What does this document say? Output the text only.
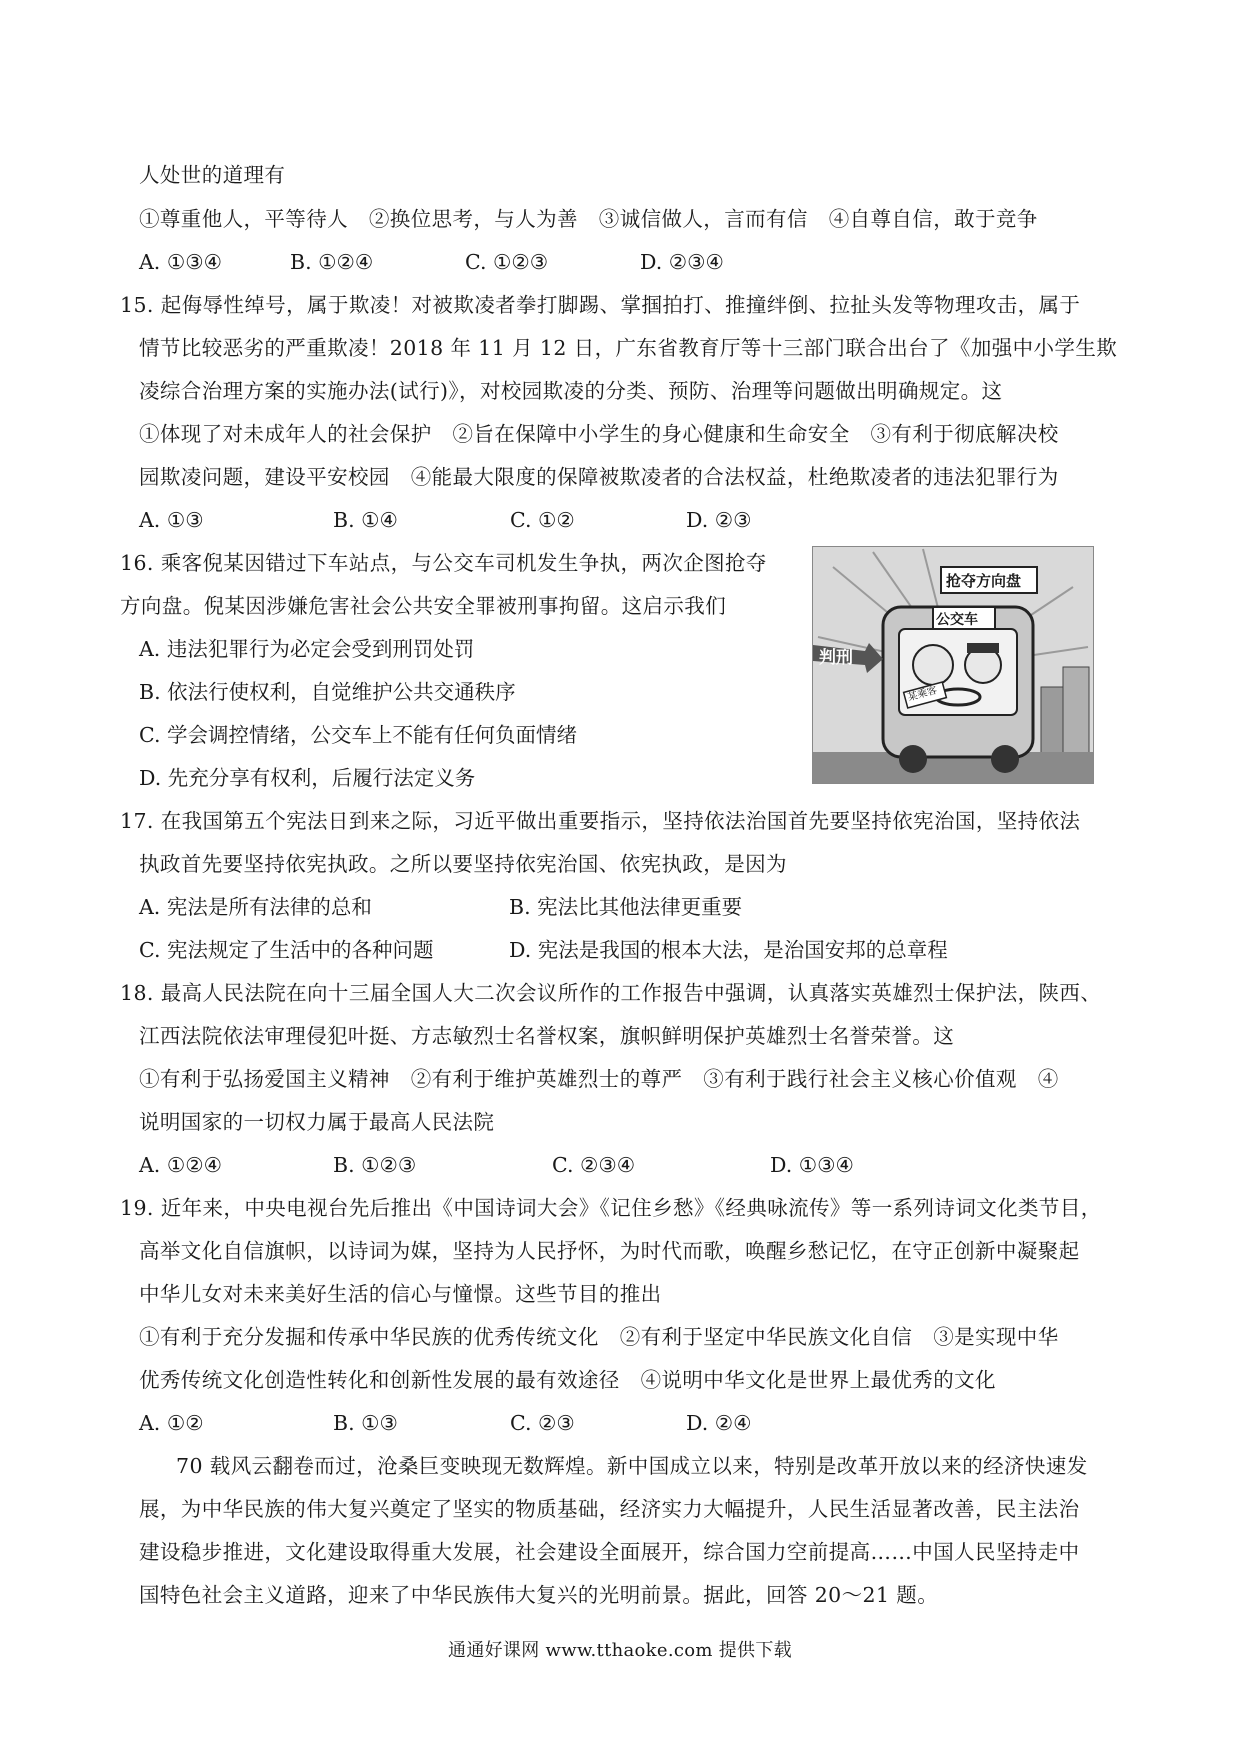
人处世的道理有
①尊重他人，平等待人　②换位思考，与人为善　③诚信做人，言而有信　④自尊自信，敢于竞争
A. ①③④	B. ①②④	C. ①②③	D. ②③④
15. 起侮辱性绰号，属于欺凌！对被欺凌者拳打脚踢、掌掴拍打、推撞绊倒、拉扯头发等物理攻击，属于
情节比较恶劣的严重欺凌！2018 年 11 月 12 日，广东省教育厅等十三部门联合出台了《加强中小学生欺
凌综合治理方案的实施办法(试行)》，对校园欺凌的分类、预防、治理等问题做出明确规定。这
①体现了对未成年人的社会保护　②旨在保障中小学生的身心健康和生命安全　③有利于彻底解决校
园欺凌问题，建设平安校园　④能最大限度的保障被欺凌者的合法权益，杜绝欺凌者的违法犯罪行为
A. ①③	B. ①④	C. ①②	D. ②③
16. 乘客倪某因错过下车站点，与公交车司机发生争执，两次企图抢夺
方向盘。倪某因涉嫌危害社会公共安全罪被刑事拘留。这启示我们
A. 违法犯罪行为必定会受到刑罚处罚
B. 依法行使权利，自觉维护公共交通秩序
C. 学会调控情绪，公交车上不能有任何负面情绪
D. 先充分享有权利，后履行法定义务
抢夺方向盘
公交车
判刑
某乘客
17. 在我国第五个宪法日到来之际，习近平做出重要指示，坚持依法治国首先要坚持依宪治国，坚持依法
执政首先要坚持依宪执政。之所以要坚持依宪治国、依宪执政，是因为
A. 宪法是所有法律的总和	B. 宪法比其他法律更重要
C. 宪法规定了生活中的各种问题	D. 宪法是我国的根本大法，是治国安邦的总章程
18. 最高人民法院在向十三届全国人大二次会议所作的工作报告中强调，认真落实英雄烈士保护法，陕西、
江西法院依法审理侵犯叶挺、方志敏烈士名誉权案，旗帜鲜明保护英雄烈士名誉荣誉。这
①有利于弘扬爱国主义精神　②有利于维护英雄烈士的尊严　③有利于践行社会主义核心价值观　④
说明国家的一切权力属于最高人民法院
A. ①②④	B. ①②③	C. ②③④	D. ①③④
19. 近年来，中央电视台先后推出《中国诗词大会》《记住乡愁》《经典咏流传》等一系列诗词文化类节目，
高举文化自信旗帜，以诗词为媒，坚持为人民抒怀，为时代而歌，唤醒乡愁记忆，在守正创新中凝聚起
中华儿女对未来美好生活的信心与憧憬。这些节目的推出
①有利于充分发掘和传承中华民族的优秀传统文化　②有利于坚定中华民族文化自信　③是实现中华
优秀传统文化创造性转化和创新性发展的最有效途径　④说明中华文化是世界上最优秀的文化
A. ①②	B. ①③	C. ②③	D. ②④
70 载风云翻卷而过，沧桑巨变映现无数辉煌。新中国成立以来，特别是改革开放以来的经济快速发
展，为中华民族的伟大复兴奠定了坚实的物质基础，经济实力大幅提升，人民生活显著改善，民主法治
建设稳步推进，文化建设取得重大发展，社会建设全面展开，综合国力空前提高……中国人民坚持走中
国特色社会主义道路，迎来了中华民族伟大复兴的光明前景。据此，回答 20～21 题。
通通好课网 www.tthaoke.com 提供下载
